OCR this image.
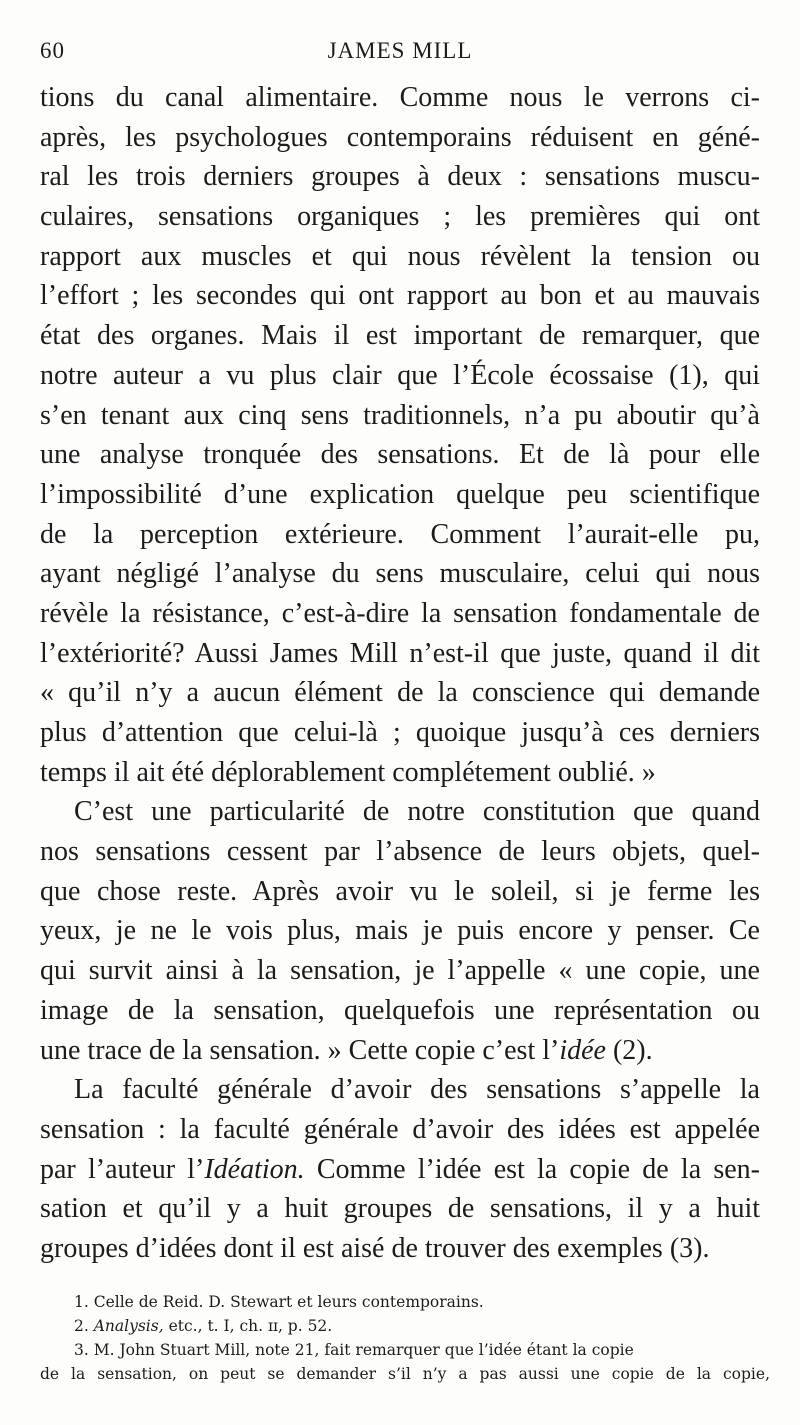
60	JAMES MILL
tions du canal alimentaire. Comme nous le verrons ci-
après, les psychologues contemporains réduisent en géné-
ral les trois derniers groupes à deux : sensations muscu-
culaires, sensations organiques ; les premières qui ont
rapport aux muscles et qui nous révèlent la tension ou
l’effort ; les secondes qui ont rapport au bon et au mauvais
état des organes. Mais il est important de remarquer, que
notre auteur a vu plus clair que l’École écossaise (1), qui
s’en tenant aux cinq sens traditionnels, n’a pu aboutir qu’à
une analyse tronquée des sensations. Et de là pour elle
l’impossibilité d’une explication quelque peu scientifique
de la perception extérieure. Comment l’aurait-elle pu,
ayant négligé l’analyse du sens musculaire, celui qui nous
révèle la résistance, c’est-à-dire la sensation fondamentale de
l’extériorité? Aussi James Mill n’est-il que juste, quand il dit
« qu’il n’y a aucun élément de la conscience qui demande
plus d’attention que celui-là ; quoique jusqu’à ces derniers
temps il ait été déplorablement complétement oublié. »
C’est une particularité de notre constitution que quand
nos sensations cessent par l’absence de leurs objets, quel-
que chose reste. Après avoir vu le soleil, si je ferme les
yeux, je ne le vois plus, mais je puis encore y penser. Ce
qui survit ainsi à la sensation, je l’appelle « une copie, une
image de la sensation, quelquefois une représentation ou
une trace de la sensation. » Cette copie c’est l’idée (2).
La faculté générale d’avoir des sensations s’appelle la
sensation : la faculté générale d’avoir des idées est appelée
par l’auteur l’Idéation. Comme l’idée est la copie de la sen-
sation et qu’il y a huit groupes de sensations, il y a huit
groupes d’idées dont il est aisé de trouver des exemples (3).
1. Celle de Reid. D. Stewart et leurs contemporains.
2. Analysis, etc., t. I, ch. ɪɪ, p. 52.
3. M. John Stuart Mill, note 21, fait remarquer que l’idée étant la copie
de la sensation, on peut se demander s’il n’y a pas aussi une copie de la copie,
